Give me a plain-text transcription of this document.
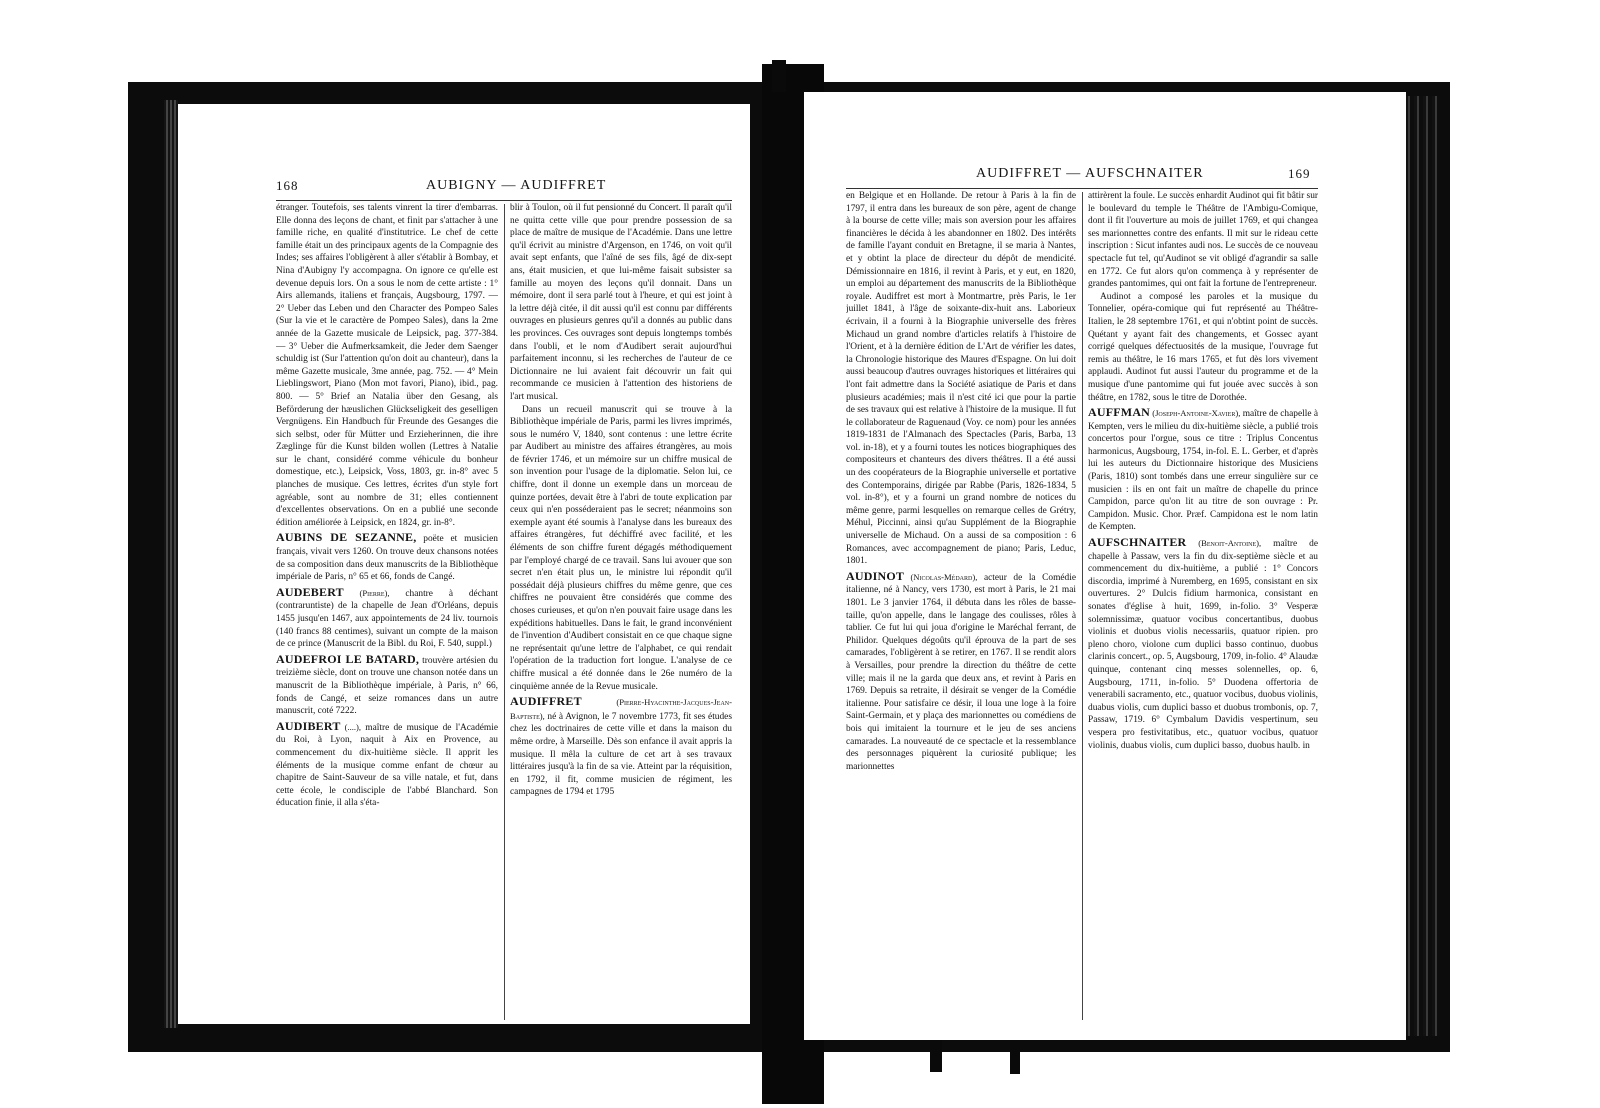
168	AUBIGNY — AUDIFFRET

étranger. Toutefois, ses talents vinrent la tirer d'embarras. Elle donna des leçons de chant, et finit par s'attacher à une famille riche, en qualité d'institutrice. Le chef de cette famille était un des principaux agents de la Compagnie des Indes; ses affaires l'obligèrent à aller s'établir à Bombay, et Nina d'Aubigny l'y accompagna. On ignore ce qu'elle est devenue depuis lors. On a sous le nom de cette artiste : 1° Airs allemands, italiens et français, Augsbourg, 1797. — 2° Ueber das Leben und den Character des Pompeo Sales (Sur la vie et le caractère de Pompeo Sales), dans la 2me année de la Gazette musicale de Leipsick, pag. 377-384. — 3° Ueber die Aufmerksamkeit, die Jeder dem Saenger schuldig ist (Sur l'attention qu'on doit au chanteur), dans la même Gazette musicale, 3me année, pag. 752. — 4° Mein Lieblingswort, Piano (Mon mot favori, Piano), ibid., pag. 800. — 5° Brief an Natalia über den Gesang, als Beförderung der hæuslichen Glückseligkeit des geselligen Vergnügens. Ein Handbuch für Freunde des Gesanges die sich selbst, oder für Mütter und Erzieherinnen, die ihre Zæglinge für die Kunst bilden wollen (Lettres à Natalie sur le chant, considéré comme véhicule du bonheur domestique, etc.), Leipsick, Voss, 1803, gr. in-8° avec 5 planches de musique. Ces lettres, écrites d'un style fort agréable, sont au nombre de 31; elles contiennent d'excellentes observations. On en a publié une seconde édition améliorée à Leipsick, en 1824, gr. in-8°.

AUBINS DE SEZANNE, poëte et musicien français, vivait vers 1260. On trouve deux chansons notées de sa composition dans deux manuscrits de la Bibliothèque impériale de Paris, n° 65 et 66, fonds de Cangé.

AUDEBERT (Pierre), chantre à déchant (contraruntiste) de la chapelle de Jean d'Orléans, depuis 1455 jusqu'en 1467, aux appointements de 24 liv. tournois (140 francs 88 centimes), suivant un compte de la maison de ce prince (Manuscrit de la Bibl. du Roi, F. 540, suppl.)

AUDEFROI LE BATARD, trouvère artésien du treizième siècle, dont on trouve une chanson notée dans un manuscrit de la Bibliothèque impériale, à Paris, n° 66, fonds de Cangé, et seize romances dans un autre manuscrit, coté 7222.

AUDIBERT (....), maître de musique de l'Académie du Roi, à Lyon, naquit à Aix en Provence, au commencement du dix-huitième siècle. Il apprit les éléments de la musique comme enfant de chœur au chapitre de Saint-Sauveur de sa ville natale, et fut, dans cette école, le condisciple de l'abbé Blanchard. Son éducation finie, il alla s'éta-

blir à Toulon, où il fut pensionné du Concert. Il paraît qu'il ne quitta cette ville que pour prendre possession de sa place de maître de musique de l'Académie. Dans une lettre qu'il écrivit au ministre d'Argenson, en 1746, on voit qu'il avait sept enfants, que l'aîné de ses fils, âgé de dix-sept ans, était musicien, et que lui-même faisait subsister sa famille au moyen des leçons qu'il donnait. Dans un mémoire, dont il sera parlé tout à l'heure, et qui est joint à la lettre déjà citée, il dit aussi qu'il est connu par différents ouvrages en plusieurs genres qu'il a donnés au public dans les provinces. Ces ouvrages sont depuis longtemps tombés dans l'oubli, et le nom d'Audibert serait aujourd'hui parfaitement inconnu, si les recherches de l'auteur de ce Dictionnaire ne lui avaient fait découvrir un fait qui recommande ce musicien à l'attention des historiens de l'art musical.

Dans un recueil manuscrit qui se trouve à la Bibliothèque impériale de Paris, parmi les livres imprimés, sous le numéro V, 1840, sont contenus : une lettre écrite par Audibert au ministre des affaires étrangères, au mois de février 1746, et un mémoire sur un chiffre musical de son invention pour l'usage de la diplomatie. Selon lui, ce chiffre, dont il donne un exemple dans un morceau de quinze portées, devait être à l'abri de toute explication par ceux qui n'en posséderaient pas le secret; néanmoins son exemple ayant été soumis à l'analyse dans les bureaux des affaires étrangères, fut déchiffré avec facilité, et les éléments de son chiffre furent dégagés méthodiquement par l'employé chargé de ce travail. Sans lui avouer que son secret n'en était plus un, le ministre lui répondit qu'il possédait déjà plusieurs chiffres du même genre, que ces chiffres ne pouvaient être considérés que comme des choses curieuses, et qu'on n'en pouvait faire usage dans les expéditions habituelles. Dans le fait, le grand inconvénient de l'invention d'Audibert consistait en ce que chaque signe ne représentait qu'une lettre de l'alphabet, ce qui rendait l'opération de la traduction fort longue. L'analyse de ce chiffre musical a été donnée dans le 26e numéro de la cinquième année de la Revue musicale.

AUDIFFRET (Pierre-Hyacinthe-Jacques-Jean-Baptiste), né à Avignon, le 7 novembre 1773, fit ses études chez les doctrinaires de cette ville et dans la maison du même ordre, à Marseille. Dès son enfance il avait appris la musique. Il mêla la culture de cet art à ses travaux littéraires jusqu'à la fin de sa vie. Atteint par la réquisition, en 1792, il fit, comme musicien de régiment, les campagnes de 1794 et 1795

AUDIFFRET — AUFSCHNAITER	169

en Belgique et en Hollande. De retour à Paris à la fin de 1797, il entra dans les bureaux de son père, agent de change à la bourse de cette ville; mais son aversion pour les affaires financières le décida à les abandonner en 1802. Des intérêts de famille l'ayant conduit en Bretagne, il se maria à Nantes, et y obtint la place de directeur du dépôt de mendicité. Démissionnaire en 1816, il revint à Paris, et y eut, en 1820, un emploi au département des manuscrits de la Bibliothèque royale. Audiffret est mort à Montmartre, près Paris, le 1er juillet 1841, à l'âge de soixante-dix-huit ans. Laborieux écrivain, il a fourni à la Biographie universelle des frères Michaud un grand nombre d'articles relatifs à l'histoire de l'Orient, et à la dernière édition de L'Art de vérifier les dates, la Chronologie historique des Maures d'Espagne. On lui doit aussi beaucoup d'autres ouvrages historiques et littéraires qui l'ont fait admettre dans la Société asiatique de Paris et dans plusieurs académies; mais il n'est cité ici que pour la partie de ses travaux qui est relative à l'histoire de la musique. Il fut le collaborateur de Raguenaud (Voy. ce nom) pour les années 1819-1831 de l'Almanach des Spectacles (Paris, Barba, 13 vol. in-18), et y a fourni toutes les notices biographiques des compositeurs et chanteurs des divers théâtres. Il a été aussi un des coopérateurs de la Biographie universelle et portative des Contemporains, dirigée par Rabbe (Paris, 1826-1834, 5 vol. in-8°), et y a fourni un grand nombre de notices du même genre, parmi lesquelles on remarque celles de Grétry, Méhul, Piccinni, ainsi qu'au Supplément de la Biographie universelle de Michaud. On a aussi de sa composition : 6 Romances, avec accompagnement de piano; Paris, Leduc, 1801.

AUDINOT (Nicolas-Médard), acteur de la Comédie italienne, né à Nancy, vers 1730, est mort à Paris, le 21 mai 1801. Le 3 janvier 1764, il débuta dans les rôles de basse-taille, qu'on appelle, dans le langage des coulisses, rôles à tablier. Ce fut lui qui joua d'origine le Maréchal ferrant, de Philidor. Quelques dégoûts qu'il éprouva de la part de ses camarades, l'obligèrent à se retirer, en 1767. Il se rendit alors à Versailles, pour prendre la direction du théâtre de cette ville; mais il ne la garda que deux ans, et revint à Paris en 1769. Depuis sa retraite, il désirait se venger de la Comédie italienne. Pour satisfaire ce désir, il loua une loge à la foire Saint-Germain, et y plaça des marionnettes ou comédiens de bois qui imitaient la tournure et le jeu de ses anciens camarades. La nouveauté de ce spectacle et la ressemblance des personnages piquèrent la curiosité publique; les marionnettes

attirèrent la foule. Le succès enhardit Audinot qui fit bâtir sur le boulevard du temple le Théâtre de l'Ambigu-Comique, dont il fit l'ouverture au mois de juillet 1769, et qui changea ses marionnettes contre des enfants. Il mit sur le rideau cette inscription : Sicut infantes audi nos. Le succès de ce nouveau spectacle fut tel, qu'Audinot se vit obligé d'agrandir sa salle en 1772. Ce fut alors qu'on commença à y représenter de grandes pantomimes, qui ont fait la fortune de l'entrepreneur.

Audinot a composé les paroles et la musique du Tonnelier, opéra-comique qui fut représenté au Théâtre-Italien, le 28 septembre 1761, et qui n'obtint point de succès. Quétant y ayant fait des changements, et Gossec ayant corrigé quelques défectuosités de la musique, l'ouvrage fut remis au théâtre, le 16 mars 1765, et fut dès lors vivement applaudi. Audinot fut aussi l'auteur du programme et de la musique d'une pantomime qui fut jouée avec succès à son théâtre, en 1782, sous le titre de Dorothée.

AUFFMAN (Joseph-Antoine-Xavier), maître de chapelle à Kempten, vers le milieu du dix-huitième siècle, a publié trois concertos pour l'orgue, sous ce titre : Triplus Concentus harmonicus, Augsbourg, 1754, in-fol. E. L. Gerber, et d'après lui les auteurs du Dictionnaire historique des Musiciens (Paris, 1810) sont tombés dans une erreur singulière sur ce musicien : ils en ont fait un maître de chapelle du prince Campidon, parce qu'on lit au titre de son ouvrage : Pr. Campidon. Music. Chor. Præf. Campidona est le nom latin de Kempten.

AUFSCHNAITER (Benoit-Antoine), maître de chapelle à Passaw, vers la fin du dix-septième siècle et au commencement du dix-huitième, a publié : 1° Concors discordia, imprimé à Nuremberg, en 1695, consistant en six ouvertures. 2° Dulcis fidium harmonica, consistant en sonates d'église à huit, 1699, in-folio. 3° Vesperæ solemnissimæ, quatuor vocibus concertantibus, duobus violinis et duobus violis necessariis, quatuor ripien. pro pleno choro, violone cum duplici basso continuo, duobus clarinis concert., op. 5, Augsbourg, 1709, in-folio. 4° Alaudæ quinque, contenant cinq messes solennelles, op. 6, Augsbourg, 1711, in-folio. 5° Duodena offertoria de venerabili sacramento, etc., quatuor vocibus, duobus violinis, duabus violis, cum duplici basso et duobus trombonis, op. 7, Passaw, 1719. 6° Cymbalum Davidis vespertinum, seu vespera pro festivitatibus, etc., quatuor vocibus, quatuor violinis, duabus violis, cum duplici basso, duobus haulb. in
